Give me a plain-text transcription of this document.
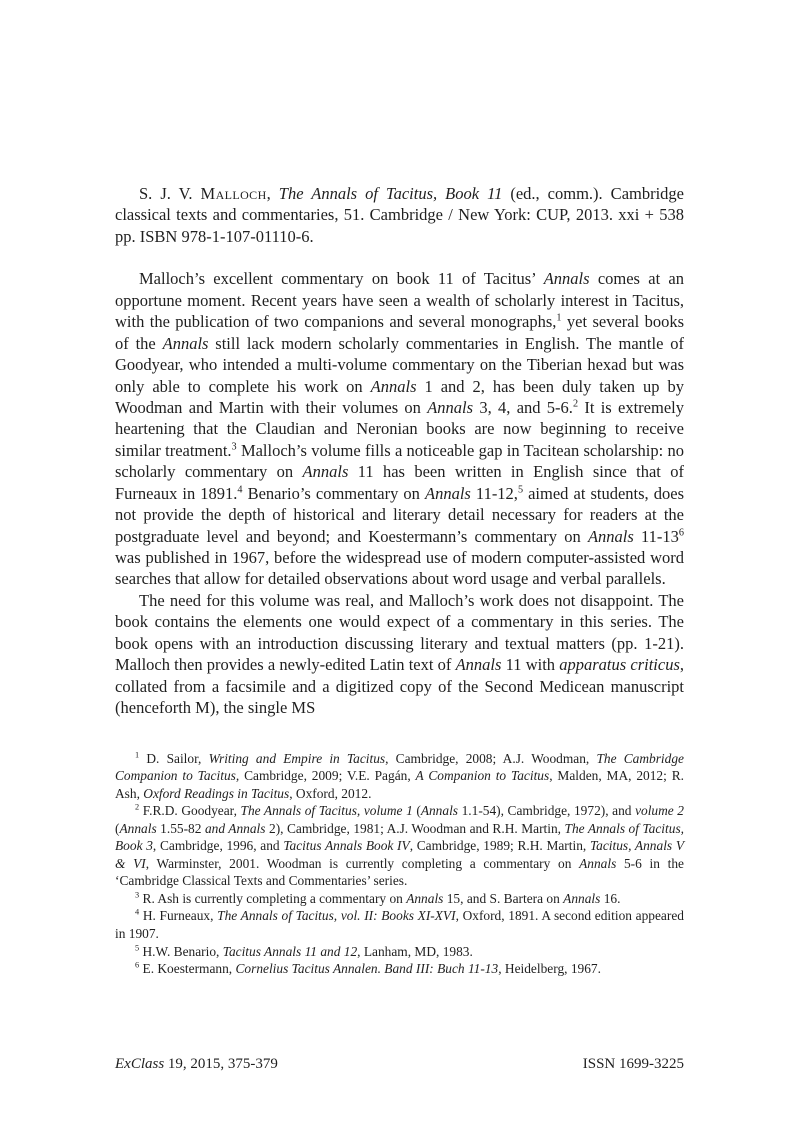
S. J. V. Malloch, The Annals of Tacitus, Book 11 (ed., comm.). Cambridge classical texts and commentaries, 51. Cambridge / New York: CUP, 2013. xxi + 538 pp. ISBN 978-1-107-01110-6.

Malloch’s excellent commentary on book 11 of Tacitus’ Annals comes at an opportune moment. Recent years have seen a wealth of scholarly interest in Tacitus, with the publication of two companions and several monographs,$^1$ yet several books of the Annals still lack modern scholarly commentaries in English. The mantle of Goodyear, who intended a multi-volume commentary on the Tiberian hexad but was only able to complete his work on Annals 1 and 2, has been duly taken up by Woodman and Martin with their volumes on Annals 3, 4, and 5-6.$^2$ It is extremely heartening that the Claudian and Neronian books are now beginning to receive similar treatment.$^3$ Malloch’s volume fills a noticeable gap in Tacitean scholarship: no scholarly commentary on Annals 11 has been written in English since that of Furneaux in 1891.$^4$ Benario’s commentary on Annals 11-12,$^5$ aimed at students, does not provide the depth of historical and literary detail necessary for readers at the postgraduate level and beyond; and Koestermann’s commentary on Annals $11-13^6$ was published in 1967, before the widespread use of modern computer-assisted word searches that allow for detailed observations about word usage and verbal parallels.

The need for this volume was real, and Malloch’s work does not disappoint. The book contains the elements one would expect of a commentary in this series. The book opens with an introduction discussing literary and textual matters (pp. 1-21). Malloch then provides a newly-edited Latin text of Annals 11 with apparatus criticus, collated from a facsimile and a digitized copy of the Second Medicean manuscript (henceforth M), the single MS

$^1$ D. Sailor, Writing and Empire in Tacitus, Cambridge, 2008; A.J. Woodman, The Cambridge Companion to Tacitus, Cambridge, 2009; V.E. Pagán, A Companion to Tacitus, Malden, MA, 2012; R. Ash, Oxford Readings in Tacitus, Oxford, 2012.

$^2$ F.R.D. Goodyear, The Annals of Tacitus, volume 1 (Annals 1.1-54), Cambridge, 1972), and volume 2 (Annals 1.55-82 and Annals 2), Cambridge, 1981; A.J. Woodman and R.H. Martin, The Annals of Tacitus, Book 3, Cambridge, 1996, and Tacitus Annals Book IV, Cambridge, 1989; R.H. Martin, Tacitus, Annals V & VI, Warminster, 2001. Woodman is currently completing a commentary on Annals 5-6 in the ‘Cambridge Classical Texts and Commentaries’ series.

$^3$ R. Ash is currently completing a commentary on Annals 15, and S. Bartera on Annals 16.

$^4$ H. Furneaux, The Annals of Tacitus, vol. II: Books XI-XVI, Oxford, 1891. A second edition appeared in 1907.

$^5$ H.W. Benario, Tacitus Annals 11 and 12, Lanham, MD, 1983.

$^6$ E. Koestermann, Cornelius Tacitus Annalen. Band III: Buch 11-13, Heidelberg, 1967.

ExClass 19, 2015, 375-379	ISSN 1699-3225
